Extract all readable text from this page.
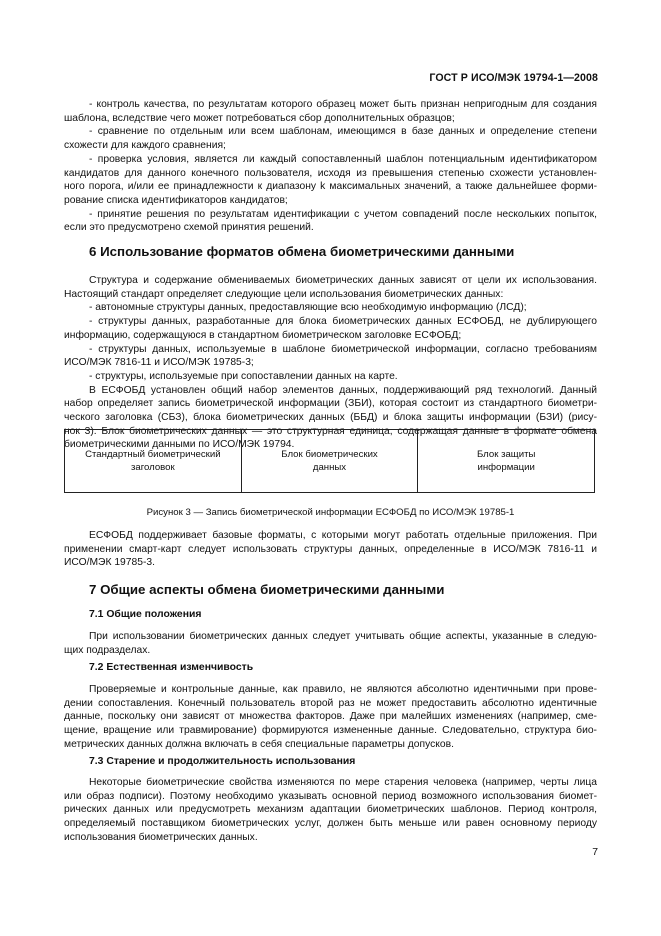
ГОСТ Р ИСО/МЭК 19794-1—2008
- контроль качества, по результатам которого образец может быть признан непригодным для создания
шаблона, вследствие чего может потребоваться сбор дополнительных образцов;
- сравнение по отдельным или всем шаблонам, имеющимся в базе данных и определение степени
схожести для каждого сравнения;
- проверка условия, является ли каждый сопоставленный шаблон потенциальным идентификатором
кандидатов для данного конечного пользователя, исходя из превышения степенью схожести установлен-
ного порога, и/или ее принадлежности к диапазону k максимальных значений, а также дальнейшее форми-
рование списка идентификаторов кандидатов;
- принятие решения по результатам идентификации с учетом совпадений после нескольких попыток,
если это предусмотрено схемой принятия решений.
6 Использование форматов обмена биометрическими данными
Структура и содержание обмениваемых биометрических данных зависят от цели их использования.
Настоящий стандарт определяет следующие цели использования биометрических данных:
- автономные структуры данных, предоставляющие всю необходимую информацию (ЛСД);
- структуры данных, разработанные для блока биометрических данных ЕСФОБД, не дублирующего
информацию, содержащуюся в стандартном биометрическом заголовке ЕСФОБД;
- структуры данных, используемые в шаблоне биометрической информации, согласно требованиям
ИСО/МЭК 7816-11 и ИСО/МЭК 19785-3;
- структуры, используемые при сопоставлении данных на карте.
В ЕСФОБД установлен общий набор элементов данных, поддерживающий ряд технологий. Данный
набор определяет запись биометрической информации (ЗБИ), которая состоит из стандартного биометри-
ческого заголовка (СБЗ), блока биометрических данных (ББД) и блока защиты информации (БЗИ) (рису-
нок 3). Блок биометрических данных — это структурная единица, содержащая данные в формате обмена
биометрическими данными по ИСО/МЭК 19794.
Стандартный биометрический
заголовок
Блок биометрических
данных
Блок защиты
информации

Рисунок 3 — Запись биометрической информации ЕСФОБД по ИСО/МЭК 19785-1

ЕСФОБД поддерживает базовые форматы, с которыми могут работать отдельные приложения. При
применении смарт-карт следует использовать структуры данных, определенные в ИСО/МЭК 7816-11 и
ИСО/МЭК 19785-3.
7 Общие аспекты обмена биометрическими данными
7.1 Общие положения
При использовании биометрических данных следует учитывать общие аспекты, указанные в следую-
щих подразделах.
7.2 Естественная изменчивость
Проверяемые и контрольные данные, как правило, не являются абсолютно идентичными при прове-
дении сопоставления. Конечный пользователь второй раз не может предоставить абсолютно идентичные
данные, поскольку они зависят от множества факторов. Даже при малейших изменениях (например, сме-
щение, вращение или травмирование) формируются измененные данные. Следовательно, структура био-
метрических данных должна включать в себя специальные параметры допусков.
7.3 Старение и продолжительность использования
Некоторые биометрические свойства изменяются по мере старения человека (например, черты лица
или образ подписи). Поэтому необходимо указывать основной период возможного использования биомет-
рических данных или предусмотреть механизм адаптации биометрических шаблонов. Период контроля,
определяемый поставщиком биометрических услуг, должен быть меньше или равен основному периоду
использования биометрических данных.

7
